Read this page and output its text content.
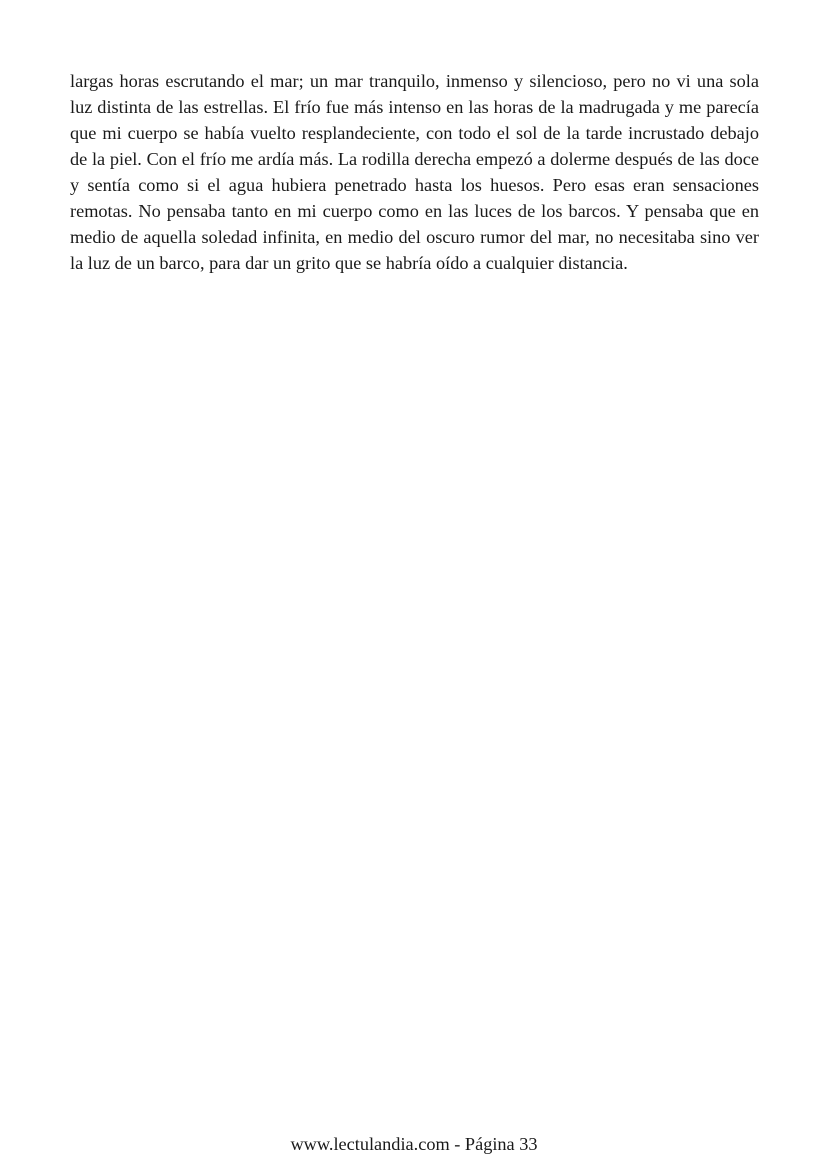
largas horas escrutando el mar; un mar tranquilo, inmenso y silencioso, pero no vi una sola luz distinta de las estrellas. El frío fue más intenso en las horas de la madrugada y me parecía que mi cuerpo se había vuelto resplandeciente, con todo el sol de la tarde incrustado debajo de la piel. Con el frío me ardía más. La rodilla derecha empezó a dolerme después de las doce y sentía como si el agua hubiera penetrado hasta los huesos. Pero esas eran sensaciones remotas. No pensaba tanto en mi cuerpo como en las luces de los barcos. Y pensaba que en medio de aquella soledad infinita, en medio del oscuro rumor del mar, no necesitaba sino ver la luz de un barco, para dar un grito que se habría oído a cualquier distancia.

www.lectulandia.com - Página 33
